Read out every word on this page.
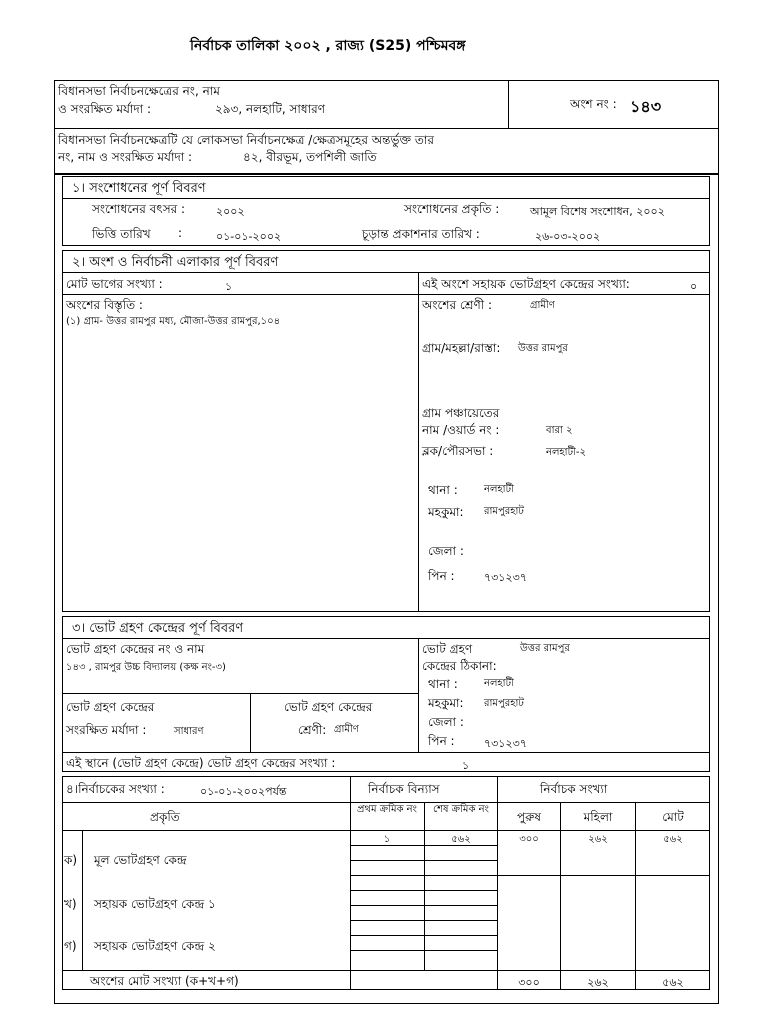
নির্বাচক তালিকা ২০০২ , রাজ্য (S25) পশ্চিমবঙ্গ
বিধানসভা নির্বাচনক্ষেত্রের নং, নাম
ও সংরক্ষিত মর্যাদা :	২৯৩, নলহাটি, সাধারণ	অংশ নং : ১৪৩
বিধানসভা নির্বাচনক্ষেত্রটি যে লোকসভা নির্বাচনক্ষেত্র /ক্ষেত্রসমূহের অন্তর্ভুক্ত তার
নং, নাম ও সংরক্ষিত মর্যাদা :	৪২, বীরভূম, তপশিলী জাতি
১। সংশোধনের পূর্ণ বিবরণ
সংশোধনের বৎসর :	২০০২	সংশোধনের প্রকৃতি :	আমূল বিশেষ সংশোধন, ২০০২
ভিত্তি তারিখ :	০১-০১-২০০২	চূড়ান্ত প্রকাশনার তারিখ :	২৬-০৩-২০০২
২। অংশ ও নির্বাচনী এলাকার পূর্ণ বিবরণ
মোট ভাগের সংখ্যা :	১	এই অংশে সহায়ক ভোটগ্রহণ কেন্দ্রের সংখ্যা:	০
অংশের বিস্তৃতি :
(১) গ্রাম- উত্তর রামপুর মধ্য, মৌজা-উত্তর রামপুর,১০৪
অংশের শ্রেণী :	গ্রামীণ
গ্রাম/মহল্লা/রাস্তা: উত্তর রামপুর
গ্রাম পঞ্চায়েতের
নাম /ওয়ার্ড নং :	বারা ২
ব্লক/পৌরসভা :	নলহাটী-২
থানা :	নলহাটী
মহকুমা: রামপুরহাট
জেলা :
পিন :	৭৩১২৩৭
৩। ভোট গ্রহণ কেন্দ্রের পূর্ণ বিবরণ
ভোট গ্রহণ কেন্দ্রের নং ও নাম
১৪৩ , রামপুর উচ্চ বিদ্যালয় (কক্ষ নং-৩)
ভোট গ্রহণ	উত্তর রামপুর
কেন্দ্রের ঠিকানা:
থানা :	নলহাটী
মহকুমা: রামপুরহাট
জেলা :
পিন :	৭৩১২৩৭
ভোট গ্রহণ কেন্দ্রের
সংরক্ষিত মর্যাদা :	সাধারণ
ভোট গ্রহণ কেন্দ্রের
শ্রেণী: গ্রামীণ
এই স্থানে (ভোট গ্রহণ কেন্দ্রে) ভোট গ্রহণ কেন্দ্রের সংখ্যা :	১
৪।নির্বাচকের সংখ্যা :	০১-০১-২০০২পর্যন্ত	নির্বাচক বিন্যাস	নির্বাচক সংখ্যা
প্রকৃতি
প্রথম ক্রমিক নং	শেষ ক্রমিক নং
পুরুষ	মহিলা	মোট
ক) মূল ভোটগ্রহণ কেন্দ্র
১	৫৬২	৩০০	২৬২	৫৬২
খ) সহায়ক ভোটগ্রহণ কেন্দ্র ১
গ) সহায়ক ভোটগ্রহণ কেন্দ্র ২
অংশের মোট সংখ্যা (ক+খ+গ)	৩০০	২৬২	৫৬২
